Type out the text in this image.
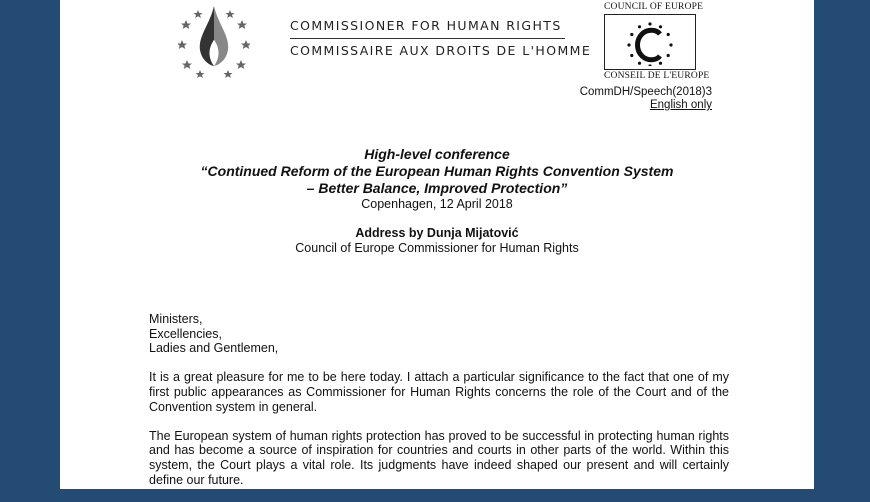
COMMISSIONER FOR HUMAN RIGHTS
COMMISSAIRE AUX DROITS DE L'HOMME
COUNCIL OF EUROPE
CONSEIL DE L'EUROPE
CommDH/Speech(2018)3
English only
High-level conference
“Continued Reform of the European Human Rights Convention System
– Better Balance, Improved Protection”
Copenhagen, 12 April 2018
Address by Dunja Mijatović
Council of Europe Commissioner for Human Rights

Ministers,
Excellencies,
Ladies and Gentlemen,

It is a great pleasure for me to be here today. I attach a particular significance to the fact that one of my first public appearances as Commissioner for Human Rights concerns the role of the Court and of the Convention system in general.

The European system of human rights protection has proved to be successful in protecting human rights and has become a source of inspiration for countries and courts in other parts of the world. Within this system, the Court plays a vital role. Its judgments have indeed shaped our present and will certainly define our future.
